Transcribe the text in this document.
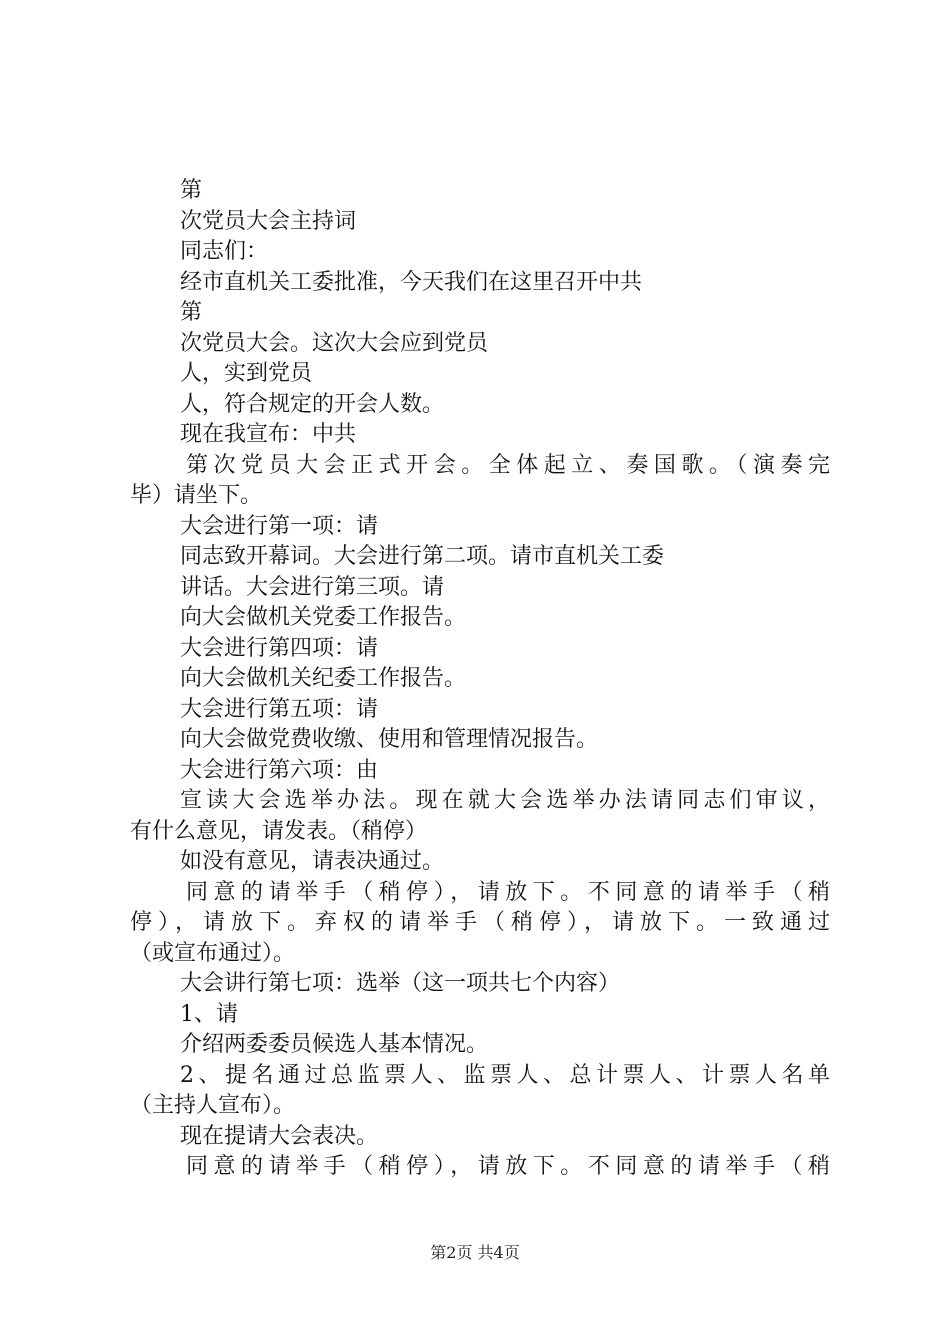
第
次党员大会主持词
同志们：
经市直机关工委批准，今天我们在这里召开中共
第
次党员大会。这次大会应到党员
人，实到党员
人，符合规定的开会人数。
现在我宣布：中共
第次党员大会正式开会。全体起立、奏国歌。（演奏完
毕）请坐下。
大会进行第一项：请
同志致开幕词。大会进行第二项。请市直机关工委
讲话。大会进行第三项。请
向大会做机关党委工作报告。
大会进行第四项：请
向大会做机关纪委工作报告。
大会进行第五项：请
向大会做党费收缴、使用和管理情况报告。
大会进行第六项：由
宣读大会选举办法。现在就大会选举办法请同志们审议，
有什么意见，请发表。（稍停）
如没有意见，请表决通过。
同意的请举手（稍停），请放下。不同意的请举手（稍
停），请放下。弃权的请举手（稍停），请放下。一致通过
（或宣布通过）。
大会讲行第七项：选举（这一项共七个内容）
1、请
介绍两委委员候选人基本情况。
2、提名通过总监票人、监票人、总计票人、计票人名单
（主持人宣布）。
现在提请大会表决。
同意的请举手（稍停），请放下。不同意的请举手（稍
第2页 共4页
